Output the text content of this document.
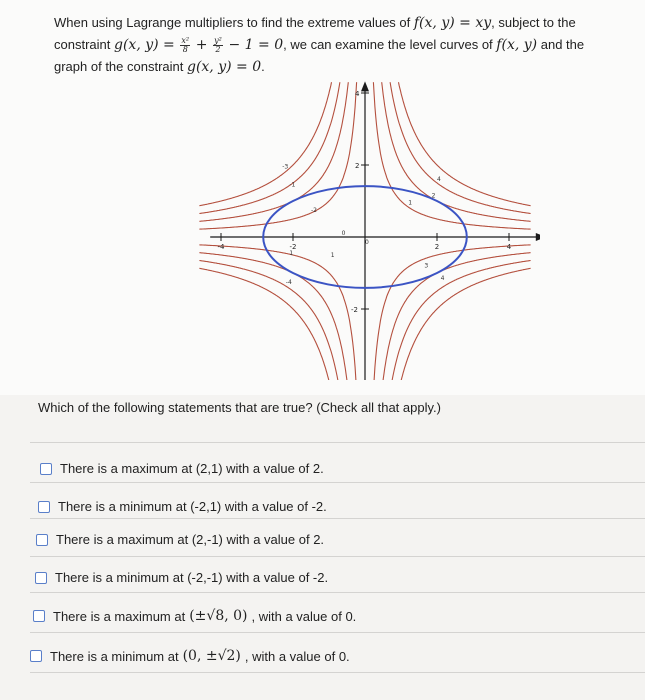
When using Lagrange multipliers to find the extreme values of f(x, y) = xy, subject to the
constraint g(x, $y) = \frac{\text{x²}}{8} + \frac{\text{y²}}{2} - 1 = 0$, we can examine the level curves of f(x, y) and the
graph of the constraint g(x, y) = 0.
-4	-2	2	4
2
-2
4
-1
-2
-3
2
4
0
0
-4
3
4
1
1
1
Which of the following statements that are true? (Check all that apply.)
There is a maximum at (2,1) with a value of 2.
There is a minimum at (-2,1) with a value of -2.
There is a maximum at (2,-1) with a value of 2.
There is a minimum at (-2,-1) with a value of -2.
There is a maximum at (±√8, 0) , with a value of 0.
There is a minimum at (0, ±√2) , with a value of 0.
